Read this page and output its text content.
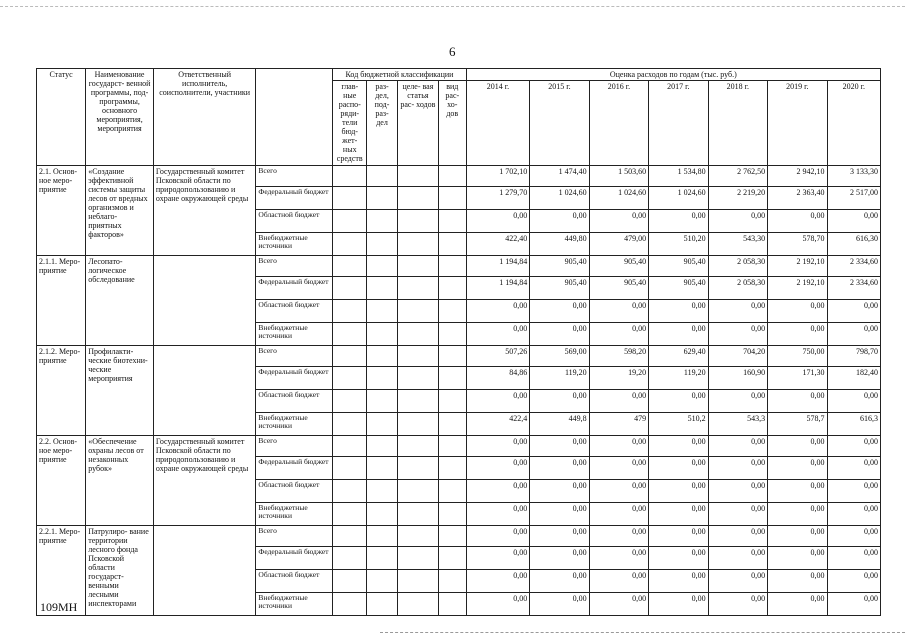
6
Статус	Наименование государст- венной программы, под- программы, основного мероприятия, мероприятия	Ответственный исполнитель, соисполнители, участники		Код бюджетной классификации				Оценка расходов по годам (тыс. руб.)						
				глав- ные распо- ряди- тели бюд- жет- ных средств	раз- дел, под- раз- дел	целе- вая статья рас- ходов	вид рас- хо- дов	2014 г.	2015 г.	2016 г.	2017 г.	2018 г.	2019 г.	2020 г.
2.1. Основ- ное меро- приятие	«Создание эффективной системы защиты лесов от вредных организмов и неблаго- приятных факторов»	Государственный комитет Псковской области по природопользованию и охране окружающей среды	Всего					1 702,10	1 474,40	1 503,60	1 534,80	2 762,50	2 942,10	3 133,30
			Федеральный бюджет					1 279,70	1 024,60	1 024,60	1 024,60	2 219,20	2 363,40	2 517,00
			Областной бюджет					0,00	0,00	0,00	0,00	0,00	0,00	0,00
			Внебюджетные источники					422,40	449,80	479,00	510,20	543,30	578,70	616,30
2.1.1. Меро- приятие	Лесопато- логическое обследование		Всего					1 194,84	905,40	905,40	905,40	2 058,30	2 192,10	2 334,60
			Федеральный бюджет					1 194,84	905,40	905,40	905,40	2 058,30	2 192,10	2 334,60
			Областной бюджет					0,00	0,00	0,00	0,00	0,00	0,00	0,00
			Внебюджетные источники					0,00	0,00	0,00	0,00	0,00	0,00	0,00
2.1.2. Меро- приятие	Профилакти- ческие биотехни- ческие мероприятия		Всего					507,26	569,00	598,20	629,40	704,20	750,00	798,70
			Федеральный бюджет					84,86	119,20	19,20	119,20	160,90	171,30	182,40
			Областной бюджет					0,00	0,00	0,00	0,00	0,00	0,00	0,00
			Внебюджетные источники					422,4	449,8	479	510,2	543,3	578,7	616,3
2.2. Основ- ное меро- приятие	«Обеспечение охраны лесов от незаконных рубок»	Государственный комитет Псковской области по природопользованию и охране окружающей среды	Всего					0,00	0,00	0,00	0,00	0,00	0,00	0,00
			Федеральный бюджет					0,00	0,00	0,00	0,00	0,00	0,00	0,00
			Областной бюджет					0,00	0,00	0,00	0,00	0,00	0,00	0,00
			Внебюджетные источники					0,00	0,00	0,00	0,00	0,00	0,00	0,00
2.2.1. Меро- приятие	Патрулиро- вание территории лесного фонда Псковской области государст- венными лесными инспекторами		Всего					0,00	0,00	0,00	0,00	0,00	0,00	0,00
			Федеральный бюджет					0,00	0,00	0,00	0,00	0,00	0,00	0,00
			Областной бюджет					0,00	0,00	0,00	0,00	0,00	0,00	0,00
			Внебюджетные источники					0,00	0,00	0,00	0,00	0,00	0,00	0,00
109МН
